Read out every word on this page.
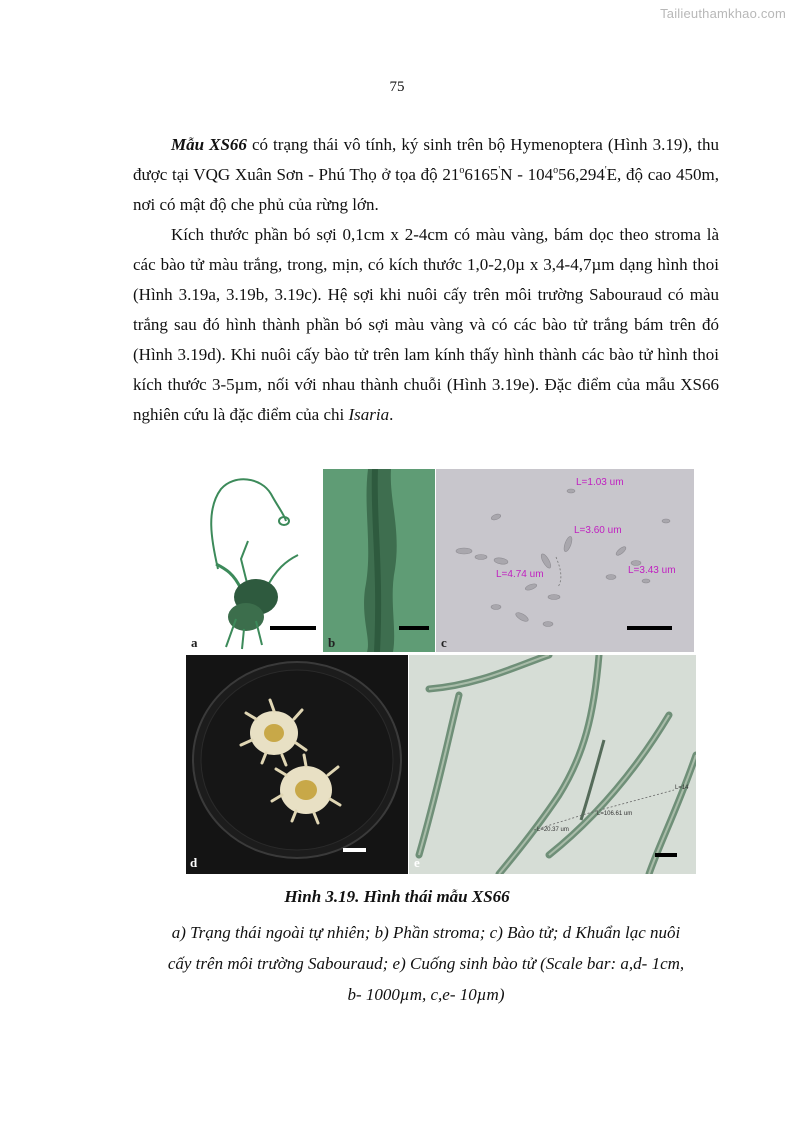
Tailieuthamkhao.com
75

Mẫu XS66 có trạng thái vô tính, ký sinh trên bộ Hymenoptera (Hình 3.19), thu được tại VQG Xuân Sơn - Phú Thọ ở tọa độ 21$^o$6165'N - 104$^o$56,294'E, độ cao 450m, nơi có mật độ che phủ của rừng lớn.

Kích thước phần bó sợi 0,1cm x 2-4cm có màu vàng, bám dọc theo stroma là các bào tử màu trắng, trong, mịn, có kích thước 1,0-2,0µ x 3,4-4,7µm dạng hình thoi (Hình 3.19a, 3.19b, 3.19c). Hệ sợi khi nuôi cấy trên môi trường Sabouraud có màu trắng sau đó hình thành phần bó sợi màu vàng và có các bào tử trắng bám trên đó (Hình 3.19d). Khi nuôi cấy bào tử trên lam kính thấy hình thành các bào tử hình thoi kích thước 3-5µm, nối với nhau thành chuỗi (Hình 3.19e). Đặc điểm của mẫu XS66 nghiên cứu là đặc điểm của chi Isaria.

a	b
L=1.03 um
L=3.60 um
L=4.74 um	L=3.43 um
c
d
L=106.61 um
L=20.37 um
L=14
e
Hình 3.19. Hình thái mẫu XS66
a) Trạng thái ngoài tự nhiên; b) Phần stroma; c) Bào tử; d Khuẩn lạc nuôi
cấy trên môi trường Sabouraud; e) Cuống sinh bào tử (Scale bar: a,d- 1cm,
b- 1000µm, c,e- 10µm)
